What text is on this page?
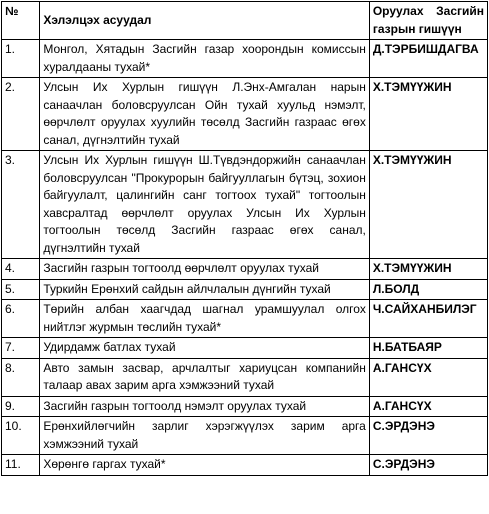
№	Хэлэлцэх асуудал	Оруулах Засгийн газрын гишүүн
1.	Монгол, Хятадын Засгийн газар хоорондын комиссын хуралдааны тухай*	Д.ТЭРБИШДАГВА
2.	Улсын Их Хурлын гишүүн Л.Энх-Амгалан нарын санаачлан боловсруулсан Ойн тухай хуульд нэмэлт, өөрчлөлт оруулах хуулийн төсөлд Засгийн газраас өгөх санал, дүгнэлтийн тухай	Х.ТЭМҮҮЖИН
3.	Улсын Их Хурлын гишүүн Ш.Түвдэндоржийн санаачлан боловсруулсан "Прокурорын байгууллагын бүтэц, зохион байгуулалт, цалингийн санг тогтоох тухай" тогтоолын хавсралтад өөрчлөлт оруулах Улсын Их Хурлын тогтоолын төсөлд Засгийн газраас өгөх санал, дүгнэлтийн тухай	Х.ТЭМҮҮЖИН
4.	Засгийн газрын тогтоолд өөрчлөлт оруулах тухай	Х.ТЭМҮҮЖИН
5.	Туркийн Ерөнхий сайдын айлчлалын дүнгийн тухай	Л.БОЛД
6.	Төрийн албан хаагчдад шагнал урамшуулал олгох нийтлэг журмын төслийн тухай*	Ч.САЙХАНБИЛЭГ
7.	Удирдамж батлах тухай	Н.БАТБАЯР
8.	Авто замын засвар, арчлалтыг хариуцсан компанийн талаар авах зарим арга хэмжээний тухай	А.ГАНСҮХ
9.	Засгийн газрын тогтоолд нэмэлт оруулах тухай	А.ГАНСҮХ
10.	Ерөнхийлөгчийн зарлиг хэрэгжүүлэх зарим арга хэмжээний тухай	С.ЭРДЭНЭ
11.	Хөрөнгө гаргах тухай*	С.ЭРДЭНЭ
